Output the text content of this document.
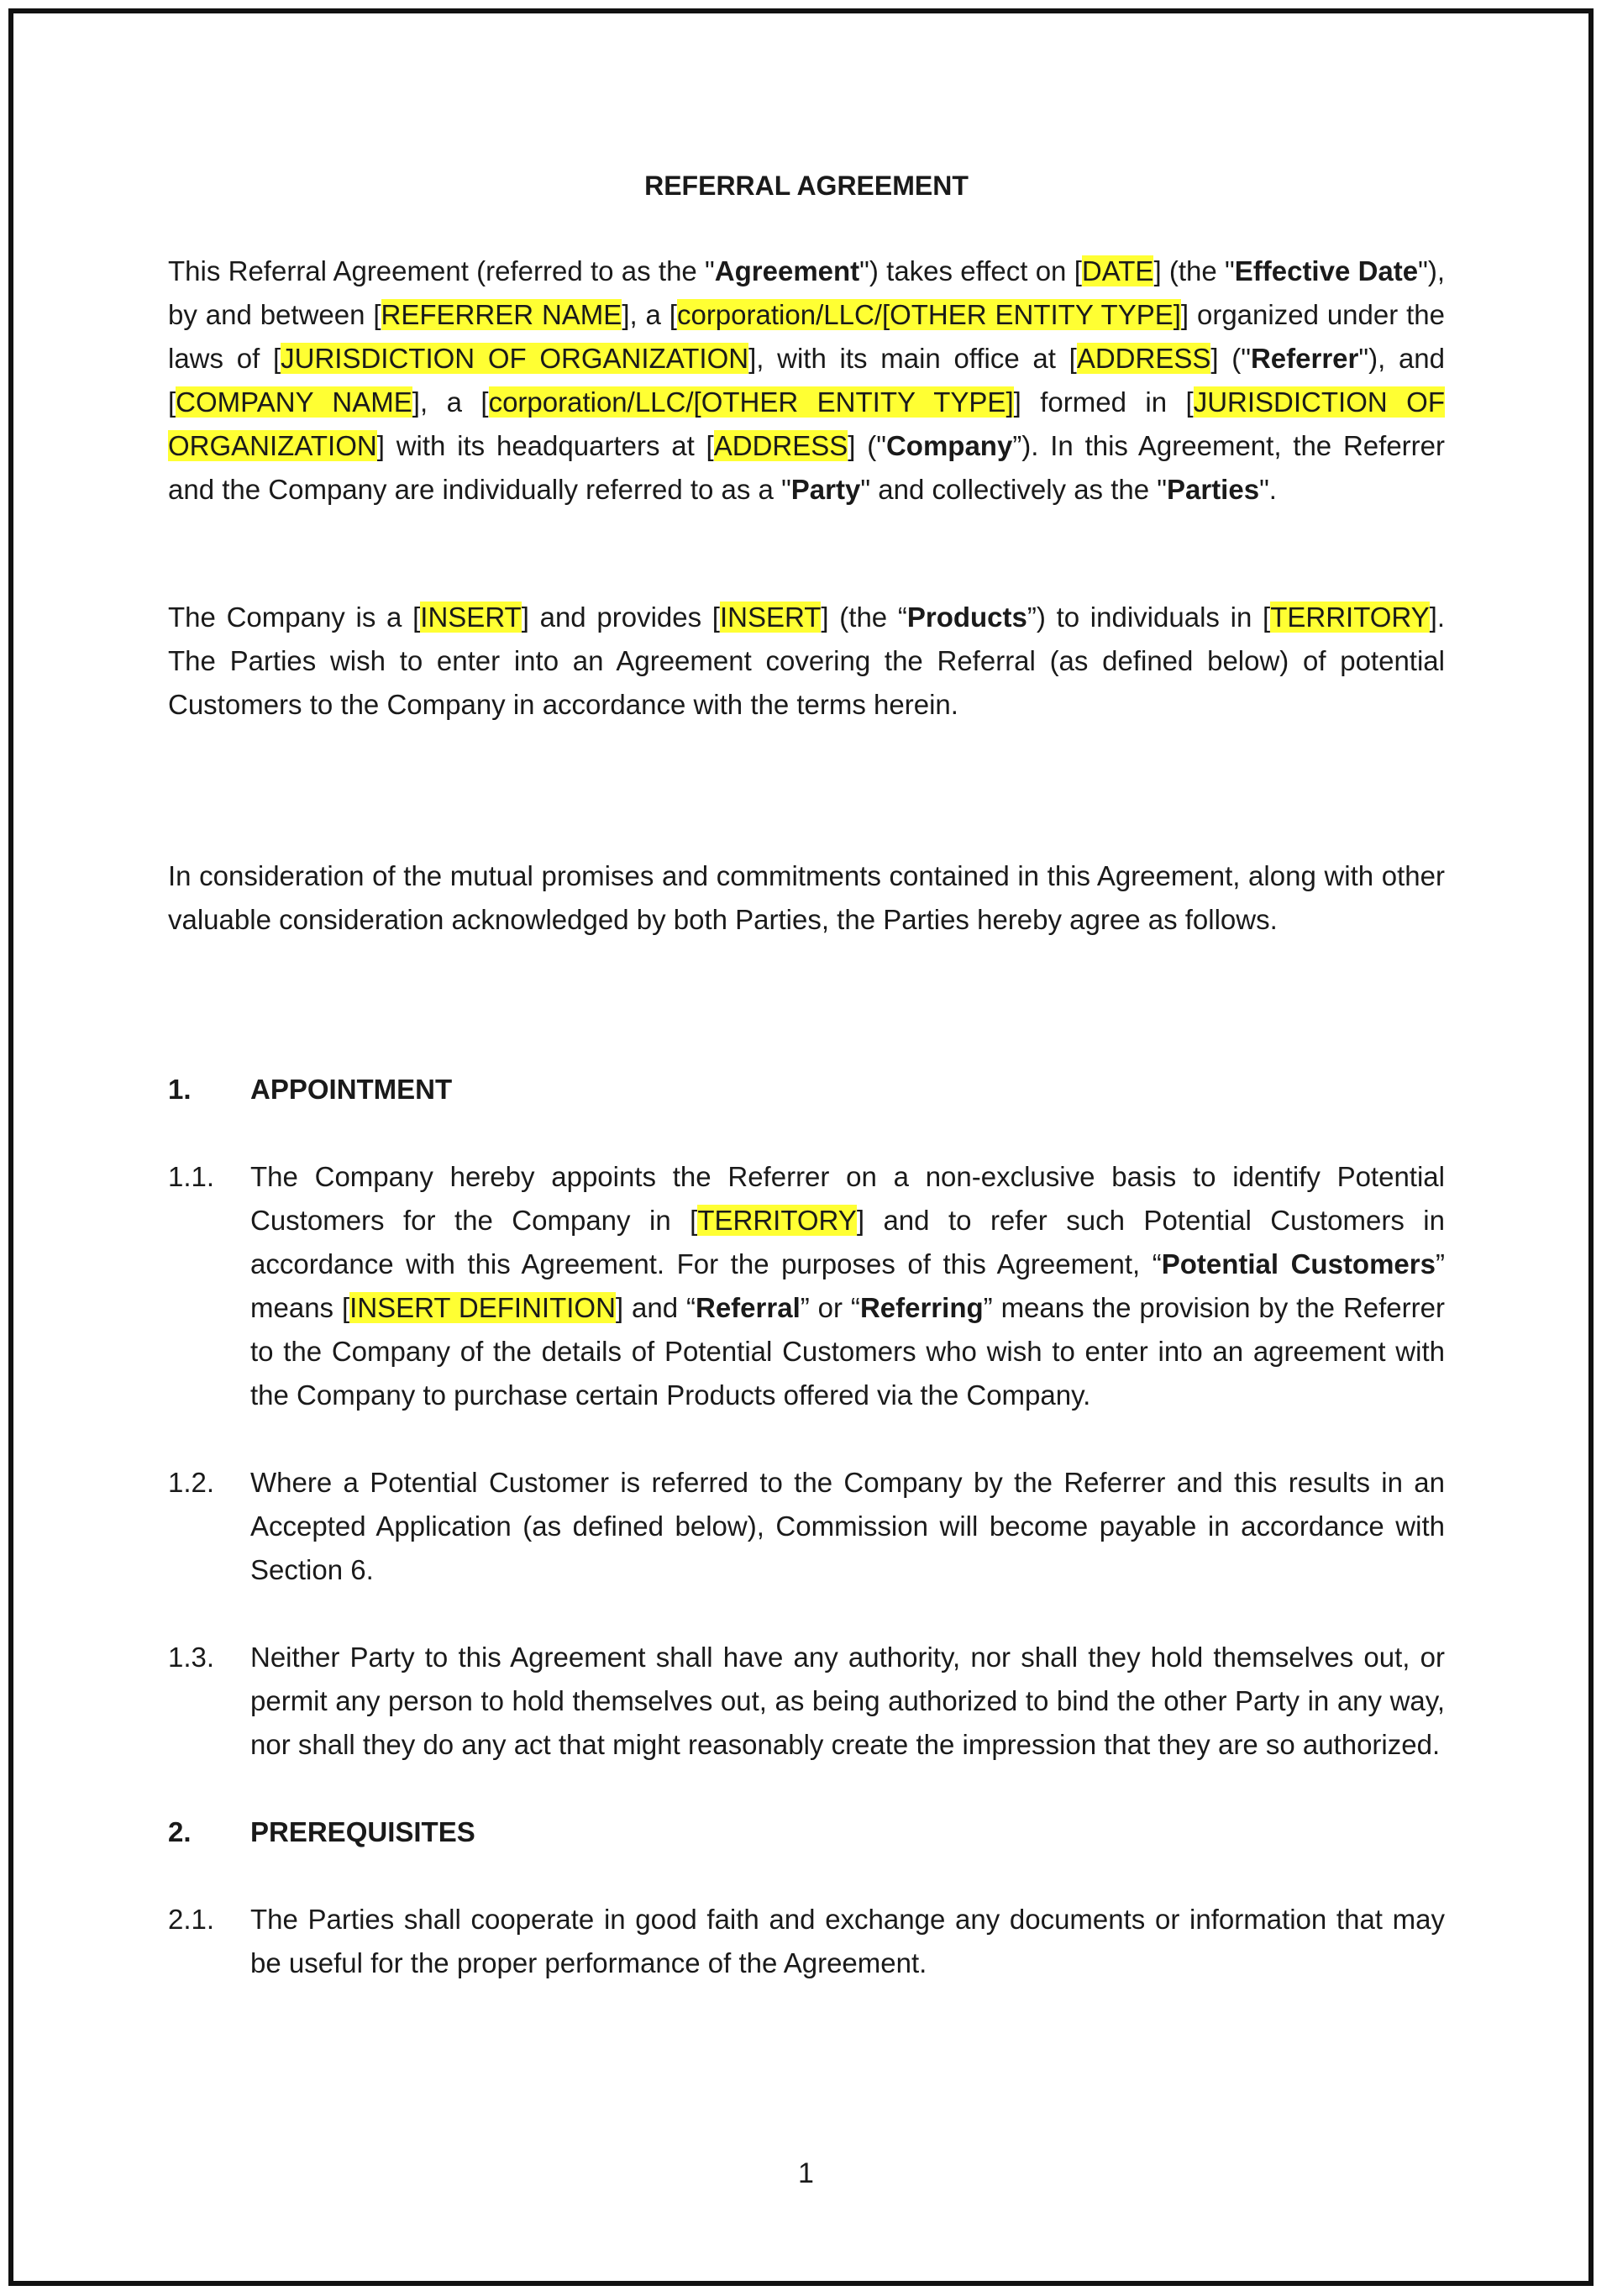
REFERRAL AGREEMENT

This Referral Agreement (referred to as the "Agreement") takes effect on [DATE] (the "Effective Date"), by and between [REFERRER NAME], a [corporation/LLC/[OTHER ENTITY TYPE]] organized under the laws of [JURISDICTION OF ORGANIZATION], with its main office at [ADDRESS] ("Referrer"), and [COMPANY NAME], a [corporation/LLC/[OTHER ENTITY TYPE]] formed in [JURISDICTION OF ORGANIZATION] with its headquarters at [ADDRESS] ("Company”). In this Agreement, the Referrer and the Company are individually referred to as a "Party" and collectively as the "Parties".

The Company is a [INSERT] and provides [INSERT] (the “Products”) to individuals in [TERRITORY]. The Parties wish to enter into an Agreement covering the Referral (as defined below) of potential Customers to the Company in accordance with the terms herein.

In consideration of the mutual promises and commitments contained in this Agreement, along with other valuable consideration acknowledged by both Parties, the Parties hereby agree as follows.

1.	APPOINTMENT
1.1.	The Company hereby appoints the Referrer on a non-exclusive basis to identify Potential Customers for the Company in [TERRITORY] and to refer such Potential Customers in accordance with this Agreement. For the purposes of this Agreement, “Potential Customers” means [INSERT DEFINITION] and “Referral” or “Referring” means the provision by the Referrer to the Company of the details of Potential Customers who wish to enter into an agreement with the Company to purchase certain Products offered via the Company.
1.2.	Where a Potential Customer is referred to the Company by the Referrer and this results in an Accepted Application (as defined below), Commission will become payable in accordance with Section 6.
1.3.	Neither Party to this Agreement shall have any authority, nor shall they hold themselves out, or permit any person to hold themselves out, as being authorized to bind the other Party in any way, nor shall they do any act that might reasonably create the impression that they are so authorized.
2.	PREREQUISITES
2.1.	The Parties shall cooperate in good faith and exchange any documents or information that may be useful for the proper performance of the Agreement.
1
